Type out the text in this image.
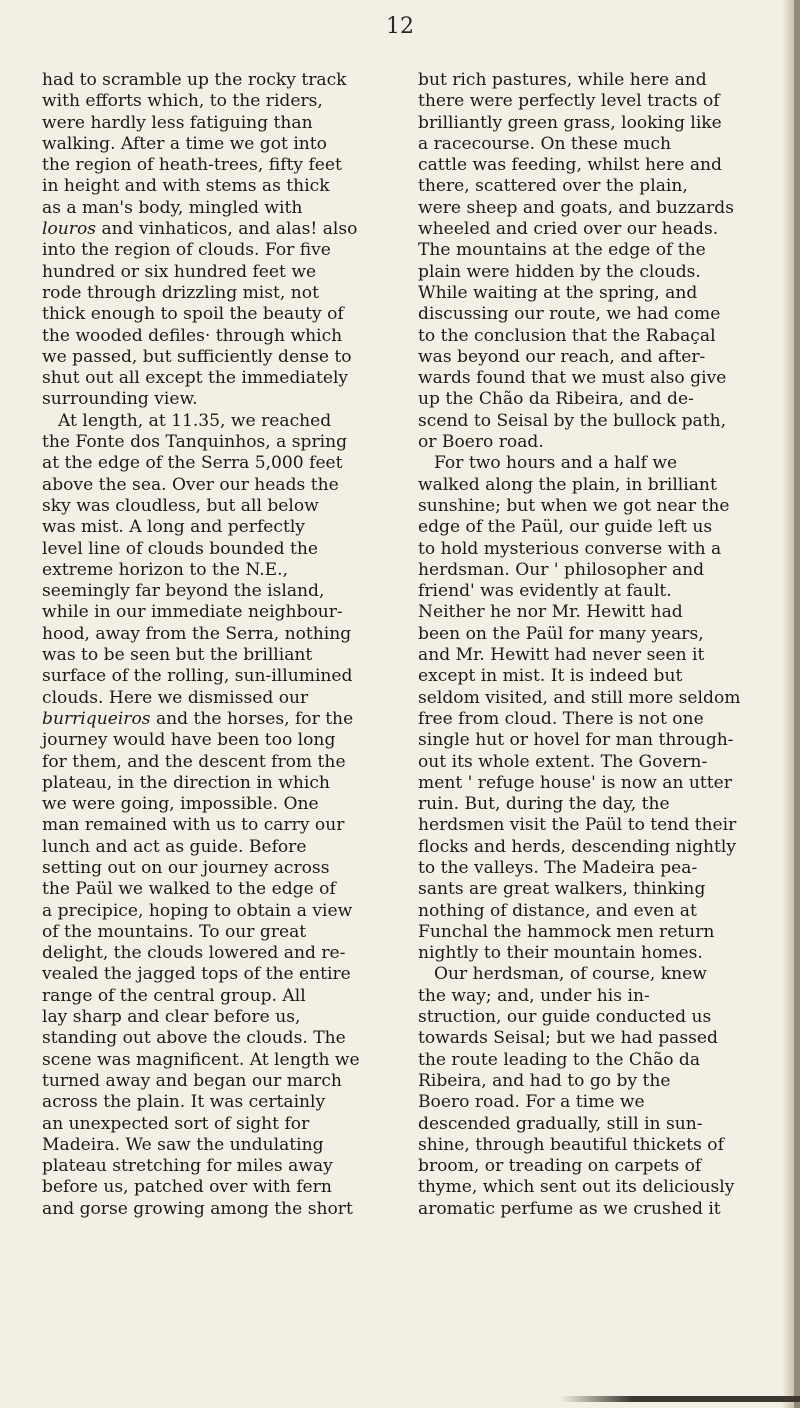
12
had to scramble up the rocky track
with efforts which, to the riders,
were hardly less fatiguing than
walking. After a time we got into
the region of heath-trees, fifty feet
in height and with stems as thick
as a man's body, mingled with
louros and vinhaticos, and alas! also
into the region of clouds. For five
hundred or six hundred feet we
rode through drizzling mist, not
thick enough to spoil the beauty of
the wooded defiles· through which
we passed, but sufficiently dense to
shut out all except the immediately
surrounding view.
At length, at 11.35, we reached
the Fonte dos Tanquinhos, a spring
at the edge of the Serra 5,000 feet
above the sea. Over our heads the
sky was cloudless, but all below
was mist. A long and perfectly
level line of clouds bounded the
extreme horizon to the N.E.,
seemingly far beyond the island,
while in our immediate neighbour-
hood, away from the Serra, nothing
was to be seen but the brilliant
surface of the rolling, sun-illumined
clouds. Here we dismissed our
burriqueiros and the horses, for the
journey would have been too long
for them, and the descent from the
plateau, in the direction in which
we were going, impossible. One
man remained with us to carry our
lunch and act as guide. Before
setting out on our journey across
the Paül we walked to the edge of
a precipice, hoping to obtain a view
of the mountains. To our great
delight, the clouds lowered and re-
vealed the jagged tops of the entire
range of the central group. All
lay sharp and clear before us,
standing out above the clouds. The
scene was magnificent. At length we
turned away and began our march
across the plain. It was certainly
an unexpected sort of sight for
Madeira. We saw the undulating
plateau stretching for miles away
before us, patched over with fern
and gorse growing among the short
but rich pastures, while here and
there were perfectly level tracts of
brilliantly green grass, looking like
a racecourse. On these much
cattle was feeding, whilst here and
there, scattered over the plain,
were sheep and goats, and buzzards
wheeled and cried over our heads.
The mountains at the edge of the
plain were hidden by the clouds.
While waiting at the spring, and
discussing our route, we had come
to the conclusion that the Rabaçal
was beyond our reach, and after-
wards found that we must also give
up the Chão da Ribeira, and de-
scend to Seisal by the bullock path,
or Boero road.
For two hours and a half we
walked along the plain, in brilliant
sunshine; but when we got near the
edge of the Paül, our guide left us
to hold mysterious converse with a
herdsman. Our ' philosopher and
friend' was evidently at fault.
Neither he nor Mr. Hewitt had
been on the Paül for many years,
and Mr. Hewitt had never seen it
except in mist. It is indeed but
seldom visited, and still more seldom
free from cloud. There is not one
single hut or hovel for man through-
out its whole extent. The Govern-
ment ' refuge house' is now an utter
ruin. But, during the day, the
herdsmen visit the Paül to tend their
flocks and herds, descending nightly
to the valleys. The Madeira pea-
sants are great walkers, thinking
nothing of distance, and even at
Funchal the hammock men return
nightly to their mountain homes.
Our herdsman, of course, knew
the way; and, under his in-
struction, our guide conducted us
towards Seisal; but we had passed
the route leading to the Chão da
Ribeira, and had to go by the
Boero road. For a time we
descended gradually, still in sun-
shine, through beautiful thickets of
broom, or treading on carpets of
thyme, which sent out its deliciously
aromatic perfume as we crushed it
